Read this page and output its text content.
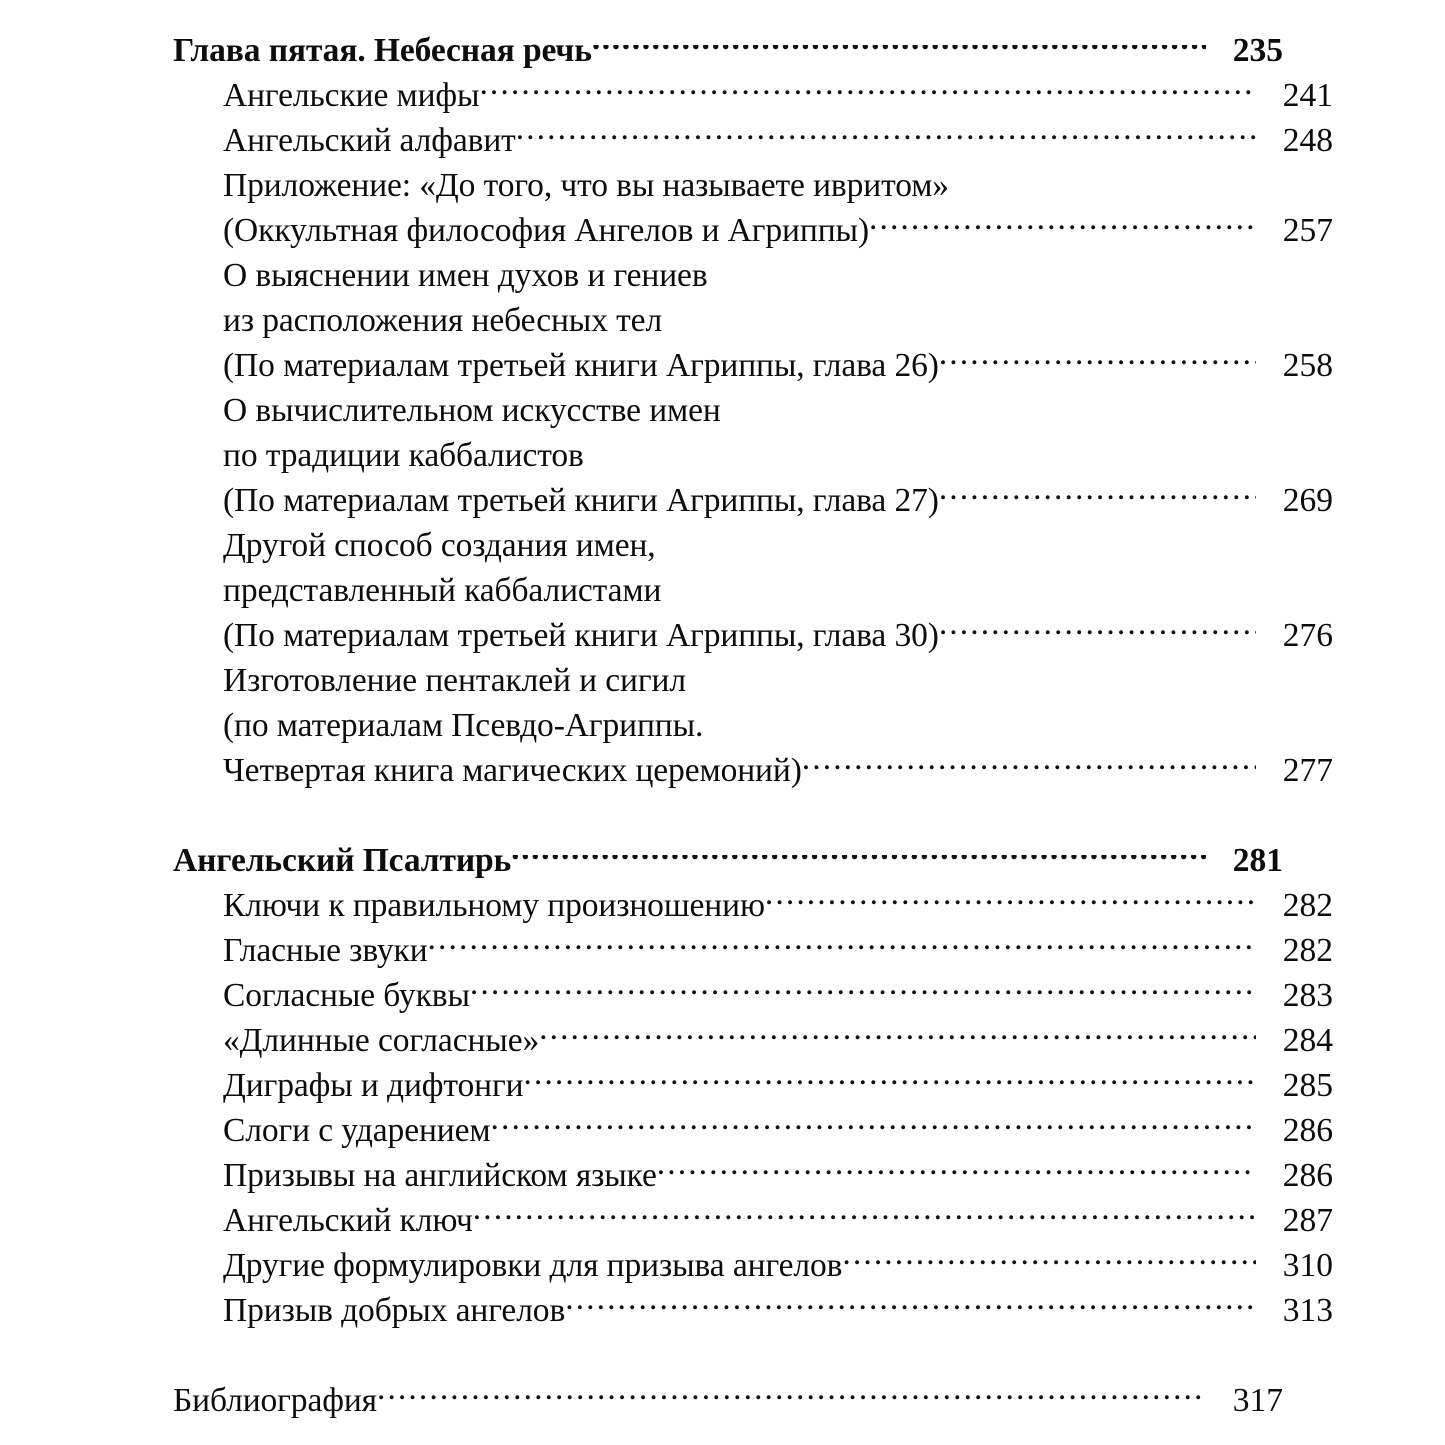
Глава пятая. Небесная речь .....	235
Ангельские мифы .....	241
Ангельский алфавит .....	248
Приложение: «До того, что вы называете ивритом»
(Оккультная философия Ангелов и Агриппы) .....	257
О выяснении имен духов и гениев
из расположения небесных тел
(По материалам третьей книги Агриппы, глава 26) .....	258
О вычислительном искусстве имен
по традиции каббалистов
(По материалам третьей книги Агриппы, глава 27) .....	269
Другой способ создания имен,
представленный каббалистами
(По материалам третьей книги Агриппы, глава 30) .....	276
Изготовление пентаклей и сигил
(по материалам Псевдо-Агриппы.
Четвертая книга магических церемоний) .....	277
Ангельский Псалтирь .....	281
Ключи к правильному произношению .....	282
Гласные звуки .....	282
Согласные буквы .....	283
«Длинные согласные» .....	284
Диграфы и дифтонги .....	285
Слоги с ударением .....	286
Призывы на английском языке .....	286
Ангельский ключ .....	287
Другие формулировки для призыва ангелов .....	310
Призыв добрых ангелов .....	313
Библиография .....	317
